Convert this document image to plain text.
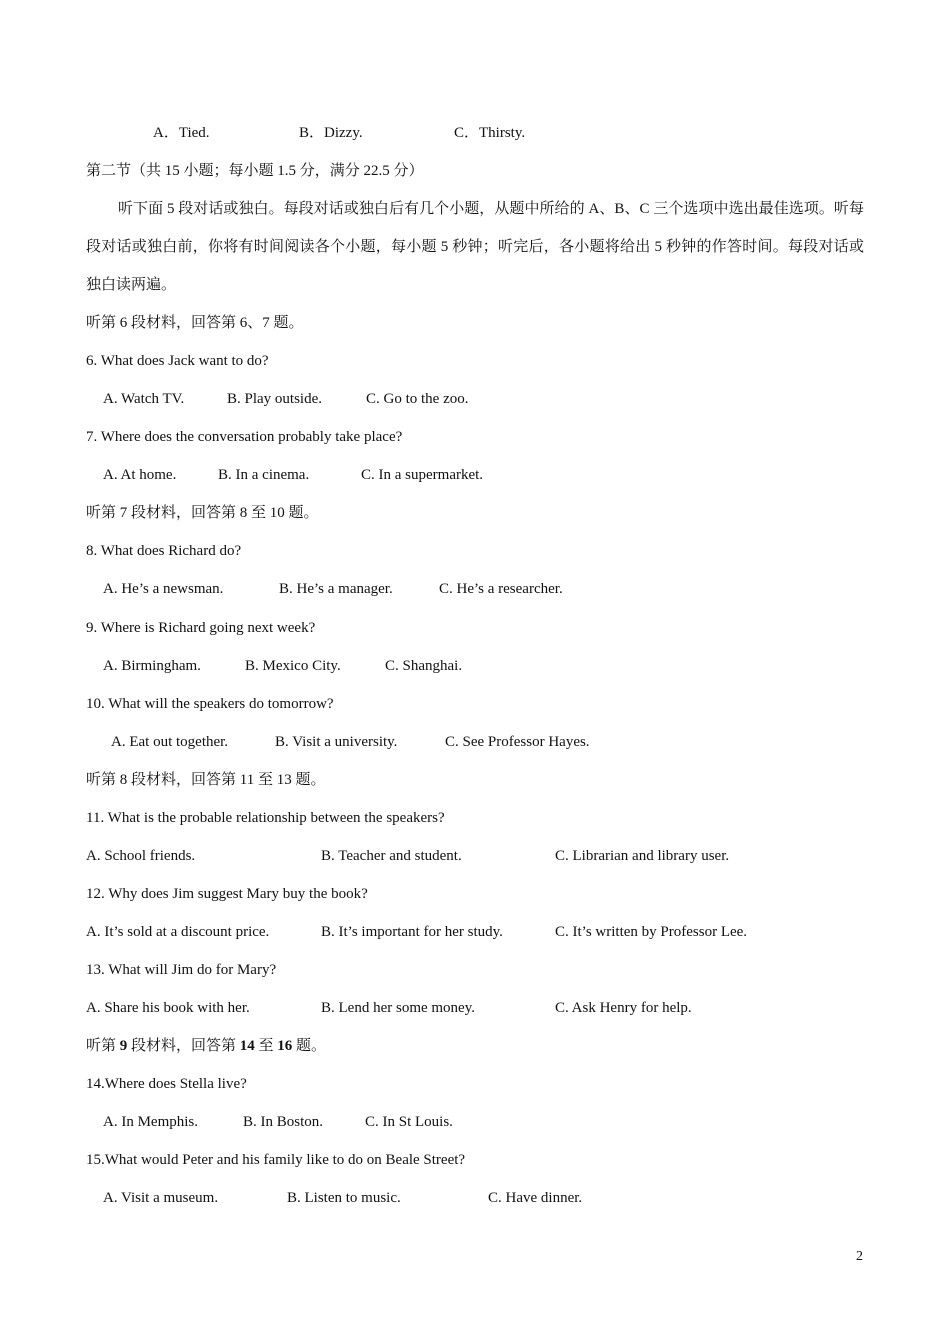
A．Tied.	B．Dizzy.	C．Thirsty.
第二节（共 15 小题；每小题 1.5 分，满分 22.5 分）
听下面 5 段对话或独白。每段对话或独白后有几个小题，从题中所给的 A、B、C 三个选项中选出最佳选项。听每段对话或独白前，你将有时间阅读各个小题，每小题 5 秒钟；听完后，各小题将给出 5 秒钟的作答时间。每段对话或独白读两遍。
听第 6 段材料，回答第 6、7 题。
6. What does Jack want to do?
A. Watch TV.	B. Play outside.	C. Go to the zoo.
7. Where does the conversation probably take place?
A. At home.	B. In a cinema.	C. In a supermarket.
听第 7 段材料，回答第 8 至 10 题。
8. What does Richard do?
A. He’s a newsman.	B. He’s a manager.	C. He’s a researcher.
9. Where is Richard going next week?
A. Birmingham.	B. Mexico City.	C. Shanghai.
10. What will the speakers do tomorrow?
A. Eat out together.	B. Visit a university.	C. See Professor Hayes.
听第 8 段材料，回答第 11 至 13 题。
11. What is the probable relationship between the speakers?
A. School friends.	B. Teacher and student.	C. Librarian and library user.
12. Why does Jim suggest Mary buy the book?
A. It’s sold at a discount price.	B. It’s important for her study.	C. It’s written by Professor Lee.
13. What will Jim do for Mary?
A. Share his book with her.	B. Lend her some money.	C. Ask Henry for help.
听第 9 段材料，回答第 14 至 16 题。
14.Where does Stella live?
A. In Memphis.	B. In Boston.	C. In St Louis.
15.What would Peter and his family like to do on Beale Street?
A. Visit a museum.	B. Listen to music.	C. Have dinner.
2
